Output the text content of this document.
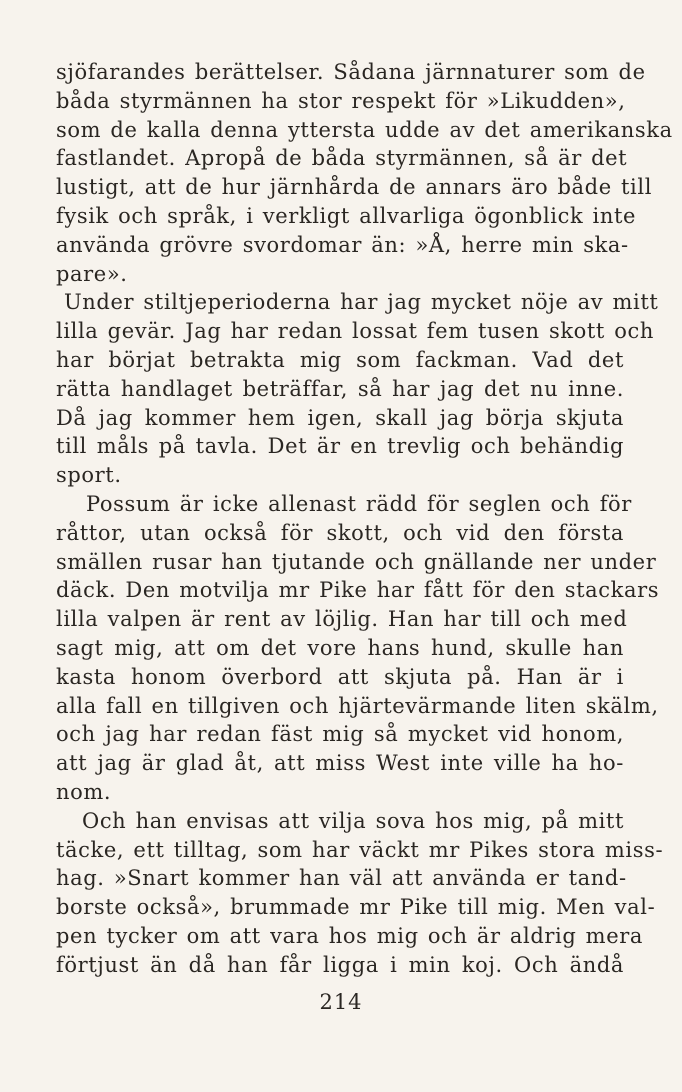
sjöfarandes berättelser. Sådana järnnaturer som de
båda styrmännen ha stor respekt för »Likudden»,
som de kalla denna yttersta udde av det amerikanska
fastlandet. Apropå de båda styrmännen, så är det
lustigt, att de hur järnhårda de annars äro både till
fysik och språk, i verkligt allvarliga ögonblick inte
använda grövre svordomar än: »Å, herre min ska-
pare».
Under stiltjeperioderna har jag mycket nöje av mitt
lilla gevär. Jag har redan lossat fem tusen skott och
har börjat betrakta mig som fackman. Vad det
rätta handlaget beträffar, så har jag det nu inne.
Då jag kommer hem igen, skall jag börja skjuta
till måls på tavla. Det är en trevlig och behändig
sport.
Possum är icke allenast rädd för seglen och för
råttor, utan också för skott, och vid den första
smällen rusar han tjutande och gnällande ner under
däck. Den motvilja mr Pike har fått för den stackars
lilla valpen är rent av löjlig. Han har till och med
sagt mig, att om det vore hans hund, skulle han
kasta honom överbord att skjuta på. Han är i
alla fall en tillgiven och hjärtevärmande liten skälm,
och jag har redan fäst mig så mycket vid honom,
att jag är glad åt, att miss West inte ville ha ho-
nom.
Och han envisas att vilja sova hos mig, på mitt
täcke, ett tilltag, som har väckt mr Pikes stora miss-
hag. »Snart kommer han väl att använda er tand-
borste också», brummade mr Pike till mig. Men val-
pen tycker om att vara hos mig och är aldrig mera
förtjust än då han får ligga i min koj. Och ändå
214
